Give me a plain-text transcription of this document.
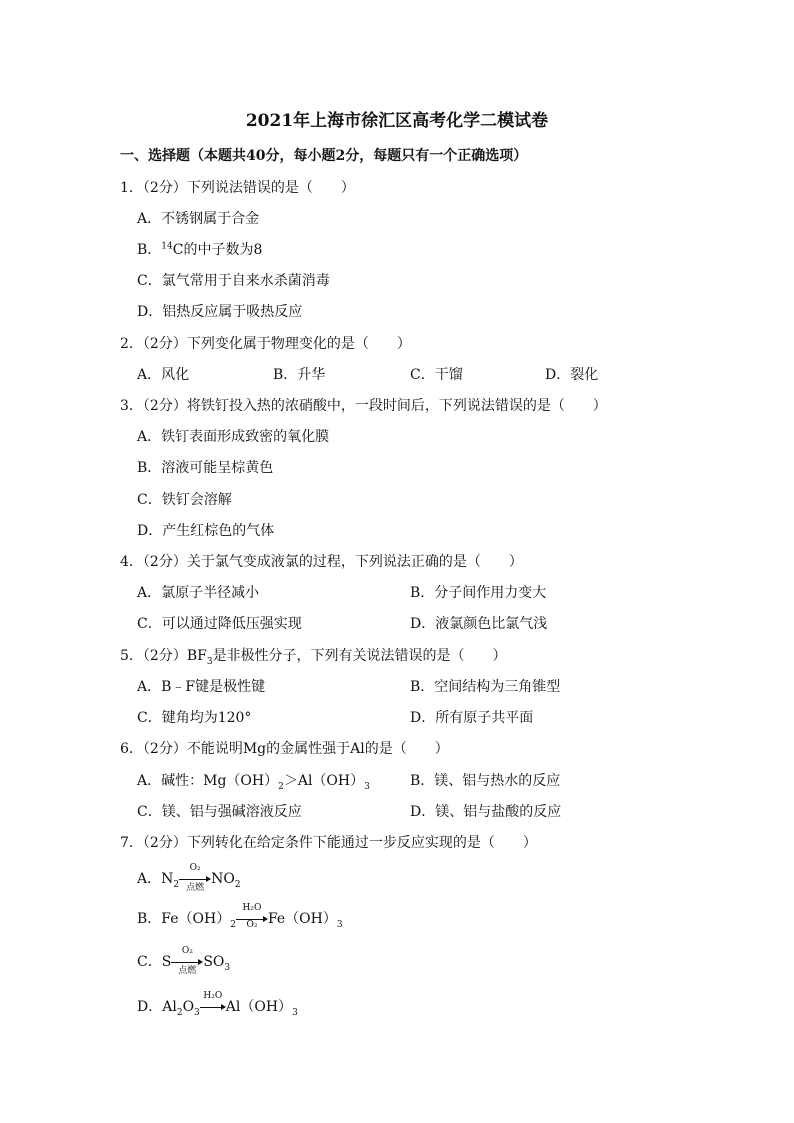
2021年上海市徐汇区高考化学二模试卷
一、选择题（本题共40分，每小题2分，每题只有一个正确选项）
1．（2分）下列说法错误的是（　　）
A．不锈钢属于合金
B．$^{14}$C的中子数为8
C．氯气常用于自来水杀菌消毒
D．铝热反应属于吸热反应
2．（2分）下列变化属于物理变化的是（　　）
A．风化	B．升华	C．干馏	D．裂化
3．（2分）将铁钉投入热的浓硝酸中，一段时间后，下列说法错误的是（　　）
A．铁钉表面形成致密的氧化膜
B．溶液可能呈棕黄色
C．铁钉会溶解
D．产生红棕色的气体
4．（2分）关于氯气变成液氯的过程，下列说法正确的是（　　）
A．氯原子半径减小	B．分子间作用力变大
C．可以通过降低压强实现	D．液氯颜色比氯气浅
5．（2分）$BF_3$是非极性分子，下列有关说法错误的是（　　）
A．B﹣F键是极性键	B．空间结构为三角锥型
C．键角均为120°	D．所有原子共平面
6．（2分）不能说明Mg的金属性强于Al的是（　　）
A．碱性：$Mg(OH)_2>Al(OH)_3$	B．镁、铝与热水的反应
C．镁、铝与强碱溶液反应	D．镁、铝与盐酸的反应
7．（2分）下列转化在给定条件下能通过一步反应实现的是（　　）
A．$N_2$
O₂
点燃
$NO_2$
B．$Fe(OH)_2 \frac{\text{H₂O}}{\text{O₂}} Fe(OH)_3$
C．S
O₂
点燃
$SO_3$
D．$Al_2O_3$
H₂O
$Al(OH)_3$
